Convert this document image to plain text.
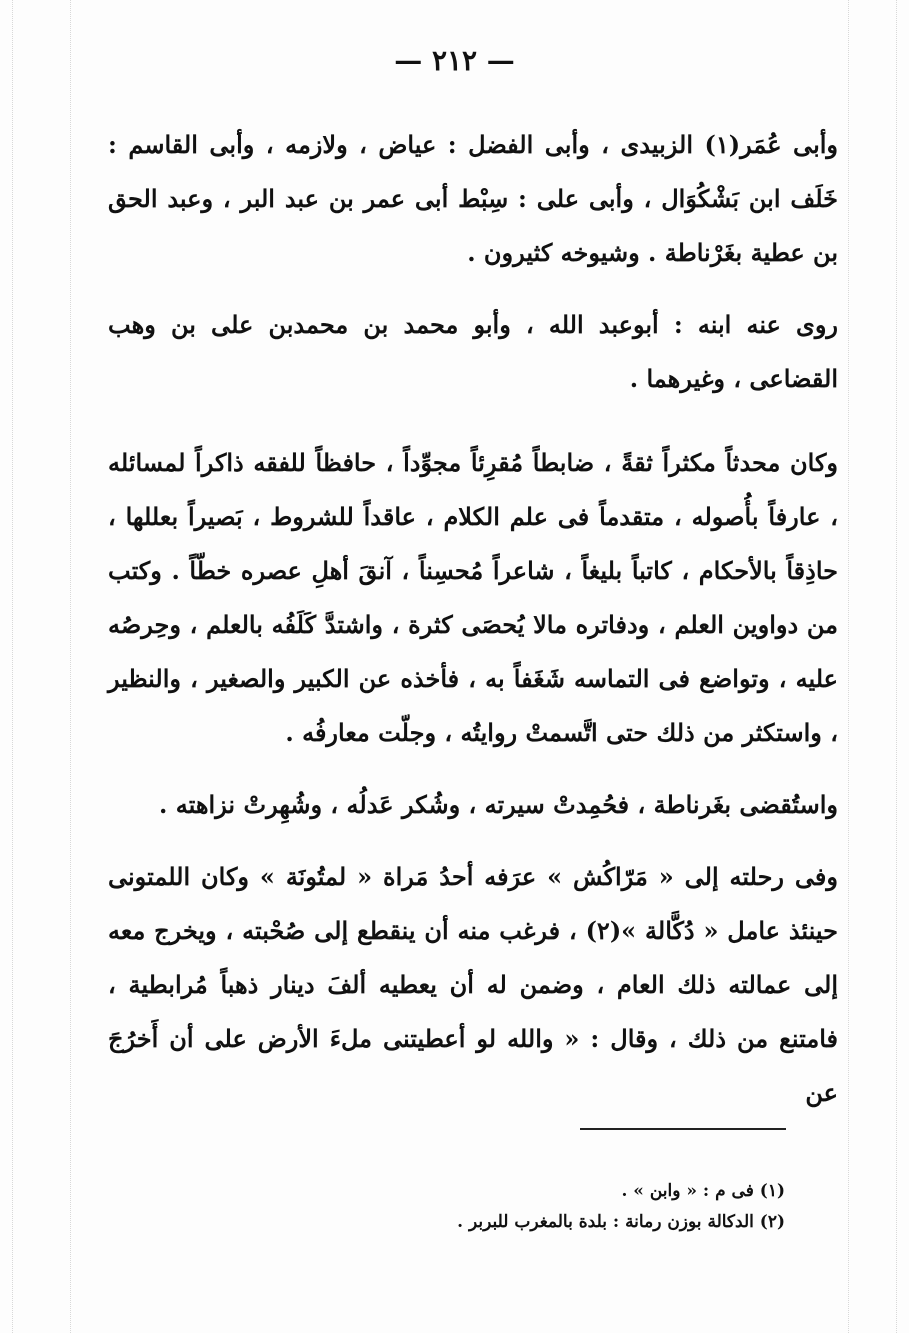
— ٢١٢ —

وأبى عُمَر(١) الزبيدى ، وأبى الفضل : عياض ، ولازمه ، وأبى القاسم : خَلَف ابن بَشْكُوَال ، وأبى على : سِبْط أبى عمر بن عبد البر ، وعبد الحق بن عطية بغَرْناطة . وشيوخه كثيرون .

روى عنه ابنه : أبوعبد الله ، وأبو محمد بن محمدبن على بن وهب القضاعى ، وغيرهما .

وكان محدثاً مكثراً ثقةً ، ضابطاً مُقرِئاً مجوِّداً ، حافظاً للفقه ذاكراً لمسائله ، عارفاً بأُصوله ، متقدماً فى علم الكلام ، عاقداً للشروط ، بَصيراً بعللها ، حاذِقاً بالأحكام ، كاتباً بليغاً ، شاعراً مُحسِناً ، آنقَ أهلِ عصره خطّاً . وكتب من دواوين العلم ، ودفاتره مالا يُحصَى كثرة ، واشتدَّ كَلَفُه بالعلم ، وحِرصُه عليه ، وتواضع فى التماسه شَغَفاً به ، فأخذه عن الكبير والصغير ، والنظير ، واستكثر من ذلك حتى اتَّسمتْ روايتُه ، وجلّت معارفُه .

واستُقضى بغَرناطة ، فحُمِدتْ سيرته ، وشُكر عَدلُه ، وشُهِرتْ نزاهته .

وفى رحلته إلى « مَرّاكُش » عرَفه أحدُ مَراة « لمتُونَة » وكان اللمتونى حينئذ عامل « دُكَّالة »(٢) ، فرغب منه أن ينقطع إلى صُحْبته ، ويخرج معه إلى عمالته ذلك العام ، وضمن له أن يعطيه ألفَ دينار ذهباً مُرابطية ، فامتنع من ذلك ، وقال : « والله لو أعطيتنى ملءَ الأرض على أن أَخرُجَ عن

(١) فى م : « وابن » .

(٢) الدكالة بوزن رمانة : بلدة بالمغرب للبربر .
